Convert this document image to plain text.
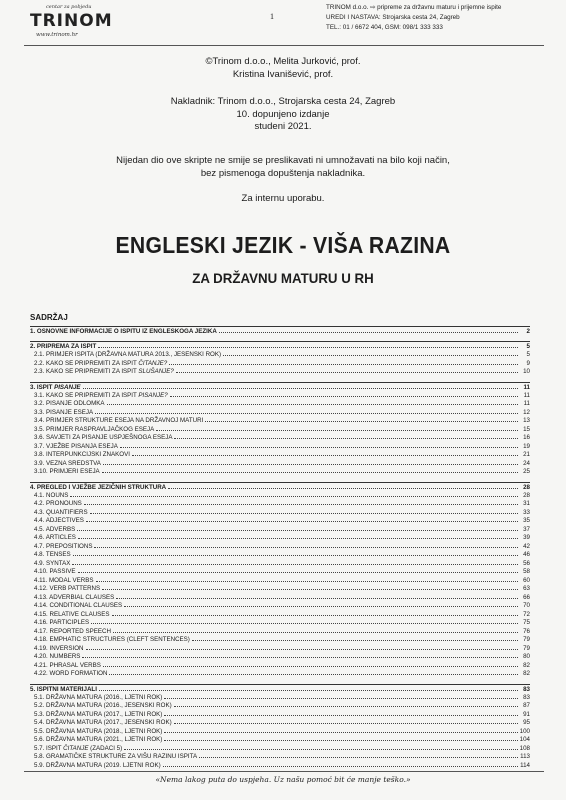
centar za pobjedu
TRINOM
www.trinom.hr
1
TRINOM d.o.o. ⇨ pripreme za državnu maturu i prijemne ispite
UREDI I NASTAVA: Strojarska cesta 24, Zagreb
TEL.: 01 / 6672 404, GSM: 098/1 333 333
©Trinom d.o.o., Melita Jurković, prof.
Kristina Ivanišević, prof.
Nakladnik: Trinom d.o.o., Strojarska cesta 24, Zagreb
10. dopunjeno izdanje
studeni 2021.
Nijedan dio ove skripte ne smije se preslikavati ni umnožavati na bilo koji način,
bez pismenoga dopuštenja nakladnika.
Za internu uporabu.
ENGLESKI JEZIK - VIŠA RAZINA
ZA DRŽAVNU MATURU U RH
SADRŽAJ
1. OSNOVNE INFORMACIJE O ISPITU IZ ENGLESKOGA JEZIKA	2
2. PRIPREMA ZA ISPIT	5
2.1. PRIMJER ISPITA (DRŽAVNA MATURA 2013., JESENSKI ROK)	5
2.2. KAKO SE PRIPREMITI ZA ISPIT ČITANJE?	9
2.3. KAKO SE PRIPREMITI ZA ISPIT SLUŠANJE?	10
3. ISPIT PISANJE	11
3.1. KAKO SE PRIPREMITI ZA ISPIT PISANJE?	11
3.2. PISANJE ODLOMKA	11
3.3. PISANJE ESEJA	12
3.4. PRIMJER STRUKTURE ESEJA NA DRŽAVNOJ MATURI	13
3.5. PRIMJER RASPRAVLJAČKOG ESEJA	15
3.6. SAVJETI ZA PISANJE USPJEŠNOGA ESEJA	16
3.7. VJEŽBE PISANJA ESEJA	19
3.8. INTERPUNKCIJSKI ZNAKOVI	21
3.9. VEZNA SREDSTVA	24
3.10. PRIMJERI ESEJA	25
4. PREGLED I VJEŽBE JEZIČNIH STRUKTURA	28
4.1. NOUNS	28
4.2. PRONOUNS	31
4.3. QUANTIFIERS	33
4.4. ADJECTIVES	35
4.5. ADVERBS	37
4.6. ARTICLES	39
4.7. PREPOSITIONS	42
4.8. TENSES	46
4.9. SYNTAX	56
4.10. PASSIVE	58
4.11. MODAL VERBS	60
4.12. VERB PATTERNS	63
4.13. ADVERBIAL CLAUSES	66
4.14. CONDITIONAL CLAUSES	70
4.15. RELATIVE CLAUSES	72
4.16. PARTICIPLES	75
4.17. REPORTED SPEECH	76
4.18. EMPHATIC STRUCTURES (CLEFT SENTENCES)	79
4.19. INVERSION	79
4.20. NUMBERS	80
4.21. PHRASAL VERBS	82
4.22. WORD FORMATION	82
5. ISPITNI MATERIJALI	83
5.1. DRŽAVNA MATURA (2016., LJETNI ROK)	83
5.2. DRŽAVNA MATURA (2016., JESENSKI ROK)	87
5.3. DRŽAVNA MATURA (2017., LJETNI ROK)	91
5.4. DRŽAVNA MATURA (2017., JESENSKI ROK)	95
5.5. DRŽAVNA MATURA (2018., LJETNI ROK)	100
5.6. DRŽAVNA MATURA (2021., LJETNI ROK)	104
5.7. ISPIT ČITANJE (ZADACI 5)	108
5.8. GRAMATIČKE STRUKTURE ZA VIŠU RAZINU ISPITA	113
5.9. DRŽAVNA MATURA (2019. LJETNI ROK)	114
«Nema lakog puta do uspjeha. Uz našu pomoć bit će manje teško.»
